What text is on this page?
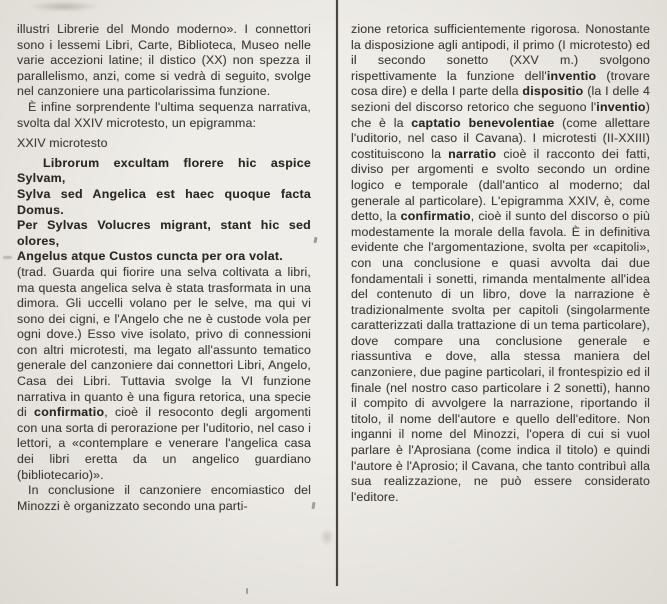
illustri Librerie del Mondo moderno». I connettori sono i lessemi Libri, Carte, Biblioteca, Museo nelle varie accezioni latine; il distico (XX) non spezza il parallelismo, anzi, come si vedrà di seguito, svolge nel canzoniere una particolarissima funzione.

È infine sorprendente l'ultima sequenza narrativa, svolta dal XXIV microtesto, un epigramma:

XXIV microtesto

Librorum excultam florere hic aspice Sylvam,

Sylva sed Angelica est haec quoque facta Domus.

Per Sylvas Volucres migrant, stant hic sed olores,

Angelus atque Custos cuncta per ora volat.

(trad. Guarda qui fiorire una selva coltivata a libri, ma questa angelica selva è stata trasformata in una dimora. Gli uccelli volano per le selve, ma qui vi sono dei cigni, e l'Angelo che ne è custode vola per ogni dove.) Esso vive isolato, privo di connessioni con altri microtesti, ma legato all'assunto tematico generale del canzoniere dai connettori Libri, Angelo, Casa dei Libri. Tuttavia svolge la VI funzione narrativa in quanto è una figura retorica, una specie di confirmatio, cioè il resoconto degli argomenti con una sorta di perorazione per l'uditorio, nel caso i lettori, a «contemplare e venerare l'angelica casa dei libri eretta da un angelico guardiano (bibliotecario)».

In conclusione il canzoniere encomiastico del Minozzi è organizzato secondo una parti-

zione retorica sufficientemente rigorosa. Nonostante la disposizione agli antipodi, il primo (I microtesto) ed il secondo sonetto (XXV m.) svolgono rispettivamente la funzione dell'inventio (trovare cosa dire) e della I parte della dispositio (la I delle 4 sezioni del discorso retorico che seguono l'inventio) che è la captatio benevolentiae (come allettare l'uditorio, nel caso il Cavana). I microtesti (II-XXIII) costituiscono la narratio cioè il racconto dei fatti, diviso per argomenti e svolto secondo un ordine logico e temporale (dall'antico al moderno; dal generale al particolare). L'epigramma XXIV, è, come detto, la confirmatio, cioè il sunto del discorso o più modestamente la morale della favola. È in definitiva evidente che l'argomentazione, svolta per «capitoli», con una conclusione e quasi avvolta dai due fondamentali i sonetti, rimanda mentalmente all'idea del contenuto di un libro, dove la narrazione è tradizionalmente svolta per capitoli (singolarmente caratterizzati dalla trattazione di un tema particolare), dove compare una conclusione generale e riassuntiva e dove, alla stessa maniera del canzoniere, due pagine particolari, il frontespizio ed il finale (nel nostro caso particolare i 2 sonetti), hanno il compito di avvolgere la narrazione, riportando il titolo, il nome dell'autore e quello dell'editore. Non inganni il nome del Minozzi, l'opera di cui si vuol parlare è l'Aprosiana (come indica il titolo) e quindi l'autore è l'Aprosio; il Cavana, che tanto contribuì alla sua realizzazione, ne può essere considerato l'editore.
